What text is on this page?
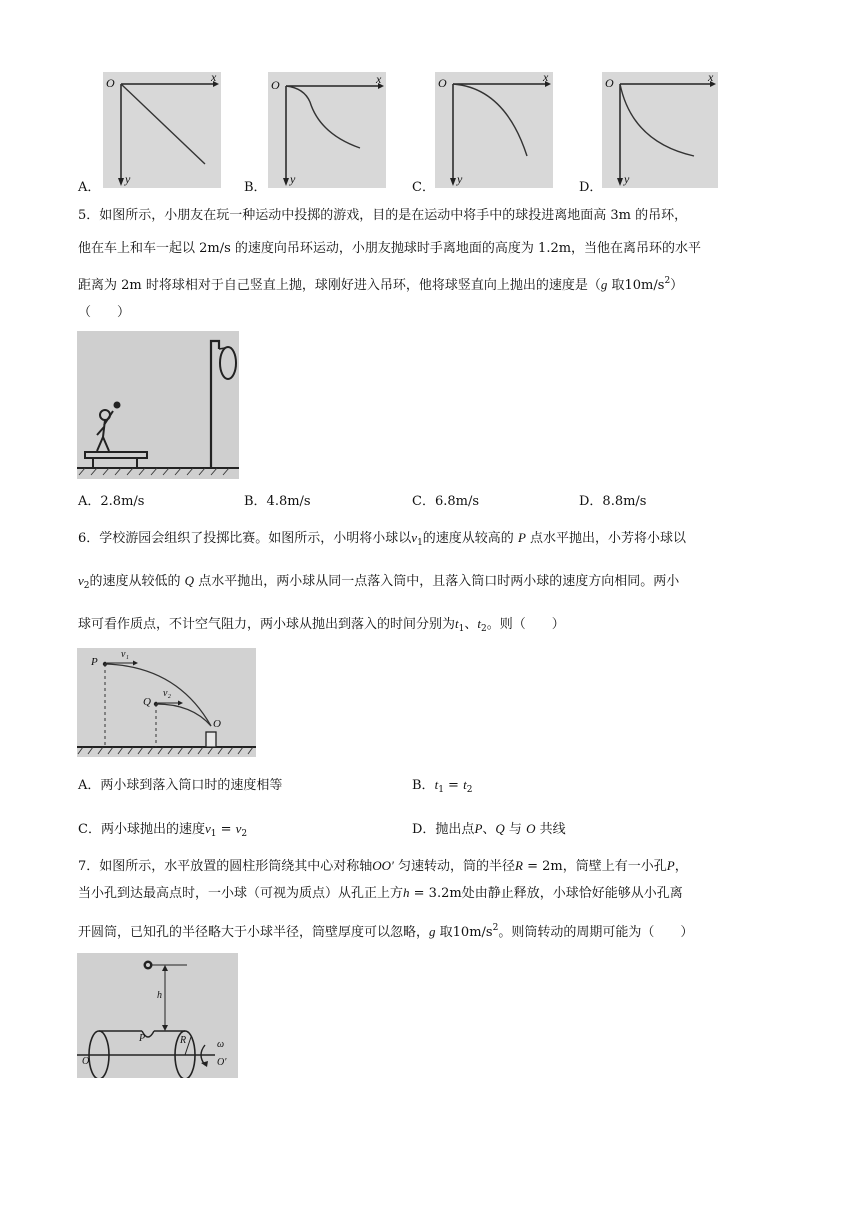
A．
O	x
y
B．
O	x
y
C．
O	x
y
D．
O	x
y
5．如图所示，小朋友在玩一种运动中投掷的游戏，目的是在运动中将手中的球投进离地面高 3m 的吊环，
他在车上和车一起以 2m/s 的速度向吊环运动，小朋友抛球时手离地面的高度为 1.2m，当他在离吊环的水平
距离为 2m 时将球相对于自己竖直上抛，球刚好进入吊环，他将球竖直向上抛出的速度是（g 取$10m/s^2$）
（　　）
A．2.8m/s	B．4.8m/s	C．6.8m/s	D．8.8m/s
6．学校游园会组织了投掷比赛。如图所示，小明将小球以$v_1$的速度从较高的 P 点水平抛出，小芳将小球以
$v_2$的速度从较低的 Q 点水平抛出，两小球从同一点落入筒中，且落入筒口时两小球的速度方向相同。两小
球可看作质点，不计空气阻力，两小球从抛出到落入的时间分别为$t_1$、$t_2$。则（　　）
P
v₁
Q
v₂
O
A．两小球到落入筒口时的速度相等	B．$t_1 = t_2$
C．两小球抛出的速度$v_1 = v_2$	D．抛出点P、Q 与 O 共线
7．如图所示，水平放置的圆柱形筒绕其中心对称轴OO′ 匀速转动，筒的半径R = 2m，筒壁上有一小孔P，
当小孔到达最高点时，一小球（可视为质点）从孔正上方h = 3.2m处由静止释放，小球恰好能够从小孔离
开圆筒，已知孔的半径略大于小球半径，筒壁厚度可以忽略，g 取$10m/s^2$。则筒转动的周期可能为（　　）
h
P	R
O	O′
ω
